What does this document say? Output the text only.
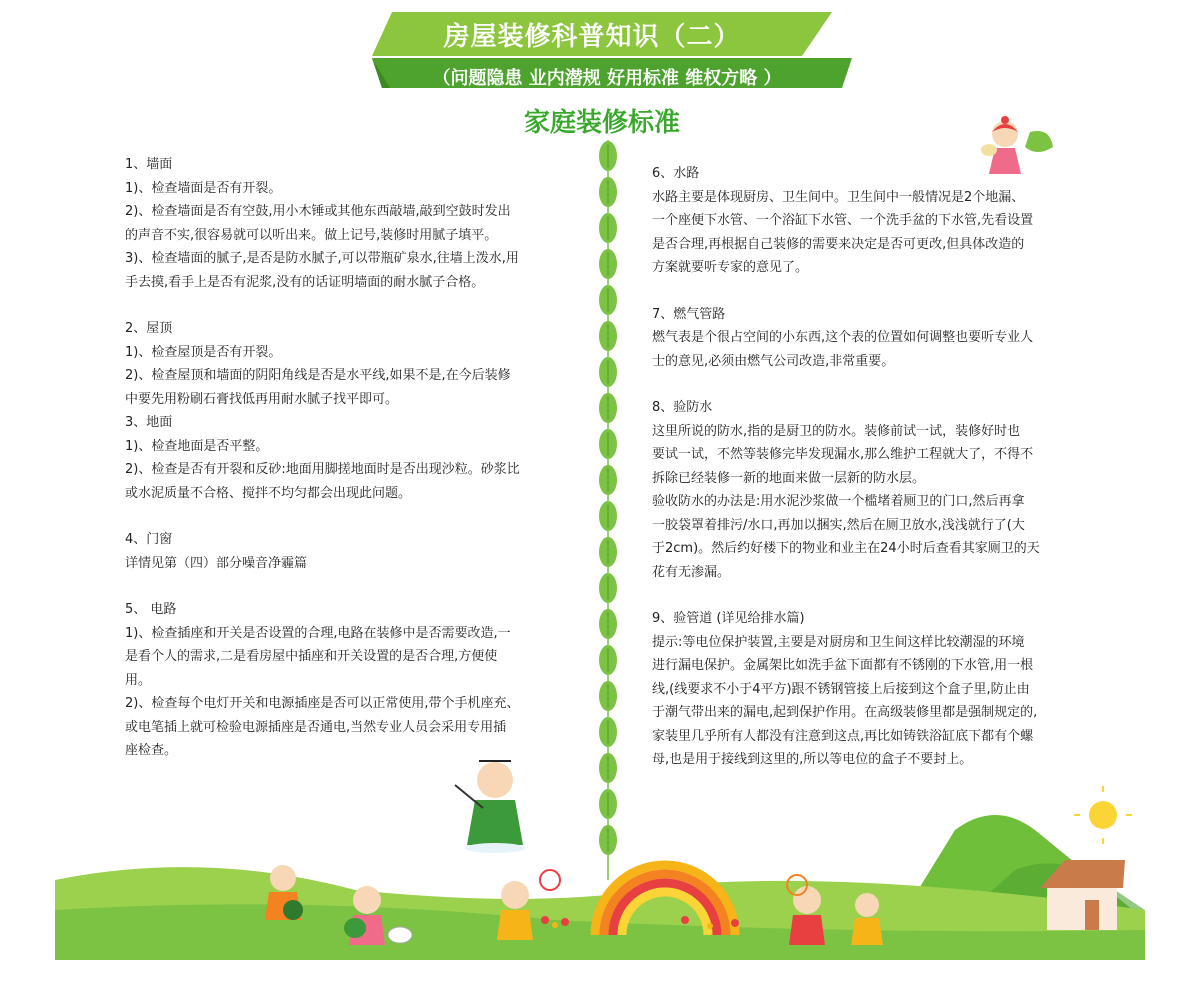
房屋装修科普知识（二）
（问题隐患 业内潜规 好用标准 维权方略 ）
家庭装修标准

1、墙面

1)、检查墙面是否有开裂。

2)、检查墙面是否有空鼓,用小木锤或其他东西敲墙,敲到空鼓时发出

的声音不实,很容易就可以听出来。做上记号,装修时用腻子填平。

3)、检查墙面的腻子,是否是防水腻子,可以带瓶矿泉水,往墙上泼水,用

手去摸,看手上是否有泥浆,没有的话证明墙面的耐水腻子合格。

2、屋顶

1)、检查屋顶是否有开裂。

2)、检查屋顶和墙面的阴阳角线是否是水平线,如果不是,在今后装修

中要先用粉刷石膏找低再用耐水腻子找平即可。

3、地面

1)、检查地面是否平整。

2)、检查是否有开裂和反砂:地面用脚搓地面时是否出现沙粒。砂浆比

或水泥质量不合格、搅拌不均匀都会出现此问题。

4、门窗

详情见第（四）部分噪音净霾篇

5、 电路

1)、检查插座和开关是否设置的合理,电路在装修中是否需要改造,一

是看个人的需求,二是看房屋中插座和开关设置的是否合理,方便使

用。

2)、检查每个电灯开关和电源插座是否可以正常使用,带个手机座充、

或电笔插上就可检验电源插座是否通电,当然专业人员会采用专用插

座检查。

6、水路

水路主要是体现厨房、卫生间中。卫生间中一般情况是2个地漏、

一个座便下水管、一个浴缸下水管、一个洗手盆的下水管,先看设置

是否合理,再根据自己装修的需要来决定是否可更改,但具体改造的

方案就要听专家的意见了。

7、燃气管路

燃气表是个很占空间的小东西,这个表的位置如何调整也要听专业人

士的意见,必须由燃气公司改造,非常重要。

8、验防水

这里所说的防水,指的是厨卫的防水。装修前试一试，装修好时也

要试一试，不然等装修完毕发现漏水,那么维护工程就大了，不得不

拆除已经装修一新的地面来做一层新的防水层。

验收防水的办法是:用水泥沙浆做一个槛堵着厕卫的门口,然后再拿

一胶袋罩着排污/水口,再加以捆实,然后在厕卫放水,浅浅就行了(大

于2cm)。然后约好楼下的物业和业主在24小时后查看其家厕卫的天

花有无渗漏。

9、验管道 (详见给排水篇)

提示:等电位保护装置,主要是对厨房和卫生间这样比较潮湿的环境

进行漏电保护。金属架比如洗手盆下面都有不锈刚的下水管,用一根

线,(线要求不小于4平方)跟不锈钢管接上后接到这个盒子里,防止由

于潮气带出来的漏电,起到保护作用。在高级装修里都是强制规定的,

家装里几乎所有人都没有注意到这点,再比如铸铁浴缸底下都有个螺

母,也是用于接线到这里的,所以等电位的盒子不要封上。
